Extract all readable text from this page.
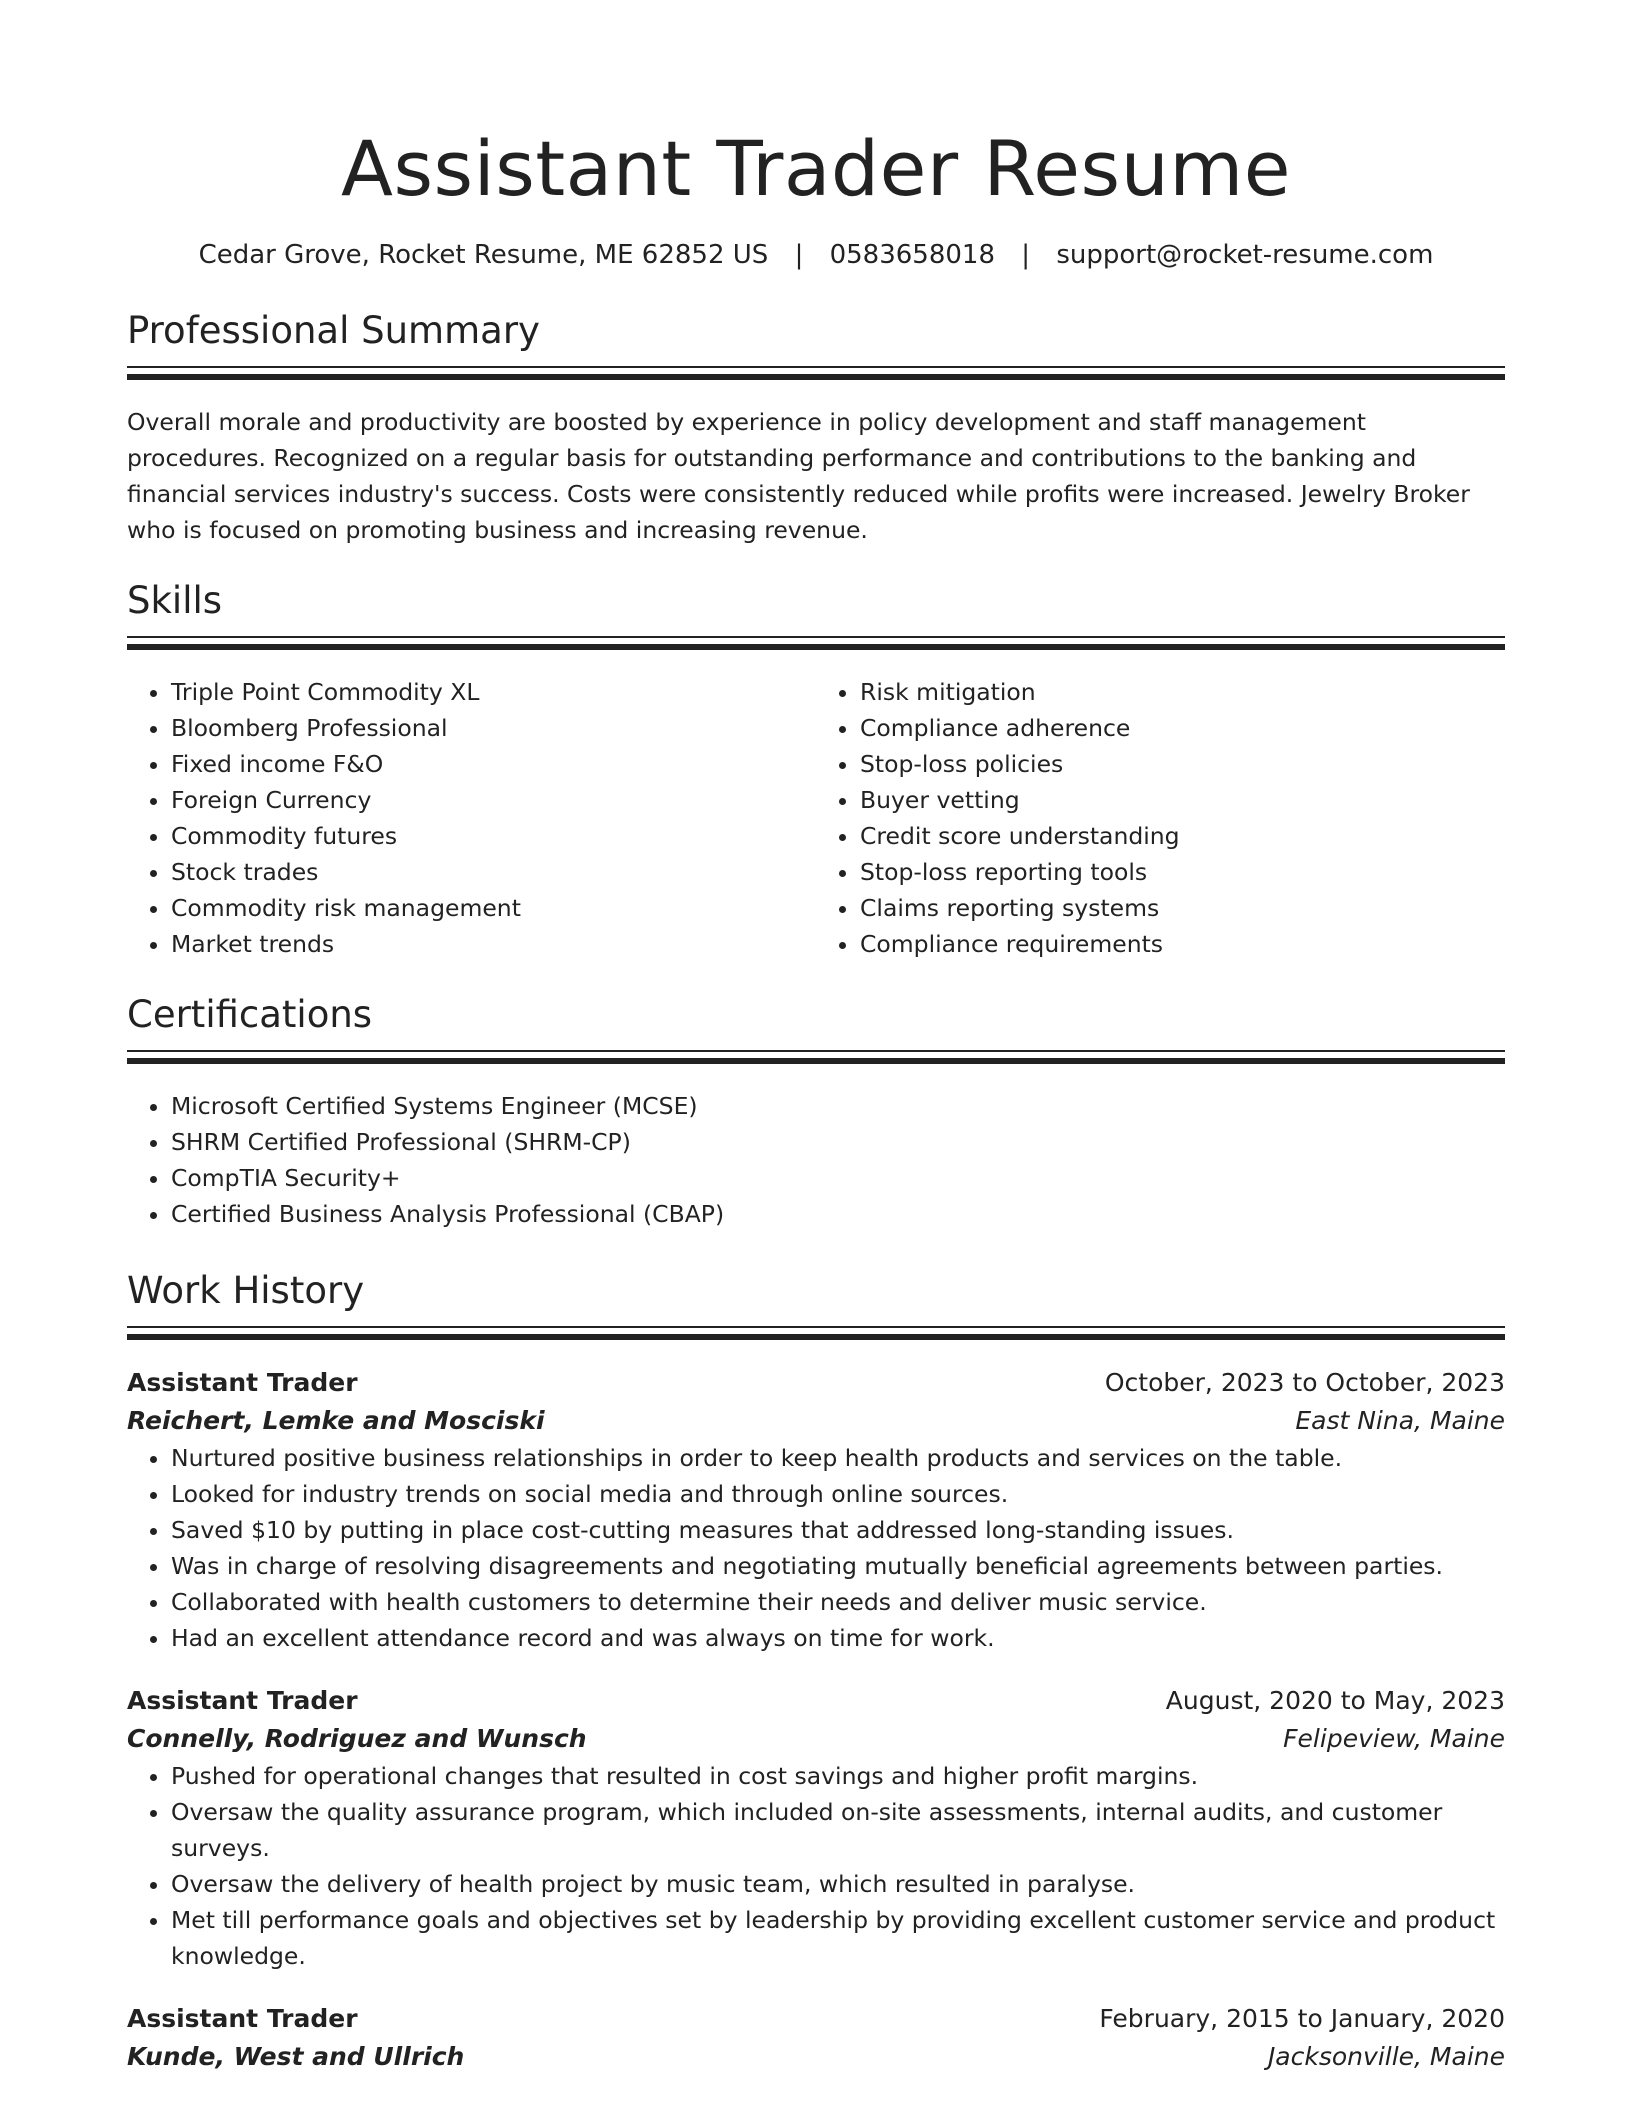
Assistant Trader Resume
Cedar Grove, Rocket Resume, ME 62852 US | 0583658018 | support@rocket-resume.com
Professional Summary

Overall morale and productivity are boosted by experience in policy development and staff management procedures. Recognized on a regular basis for outstanding performance and contributions to the banking and financial services industry's success. Costs were consistently reduced while profits were increased. Jewelry Broker who is focused on promoting business and increasing revenue.

Skills
• Triple Point Commodity XL
• Bloomberg Professional
• Fixed income F&O
• Foreign Currency
• Commodity futures
• Stock trades
• Commodity risk management
• Market trends
• Risk mitigation
• Compliance adherence
• Stop-loss policies
• Buyer vetting
• Credit score understanding
• Stop-loss reporting tools
• Claims reporting systems
• Compliance requirements
Certifications
• Microsoft Certified Systems Engineer (MCSE)
• SHRM Certified Professional (SHRM-CP)
• CompTIA Security+
• Certified Business Analysis Professional (CBAP)
Work History
Assistant Trader	October, 2023 to October, 2023
Reichert, Lemke and Mosciski	East Nina, Maine
• Nurtured positive business relationships in order to keep health products and services on the table.
• Looked for industry trends on social media and through online sources.
• Saved $10 by putting in place cost-cutting measures that addressed long-standing issues.
• Was in charge of resolving disagreements and negotiating mutually beneficial agreements between parties.
• Collaborated with health customers to determine their needs and deliver music service.
• Had an excellent attendance record and was always on time for work.
Assistant Trader	August, 2020 to May, 2023
Connelly, Rodriguez and Wunsch	Felipeview, Maine
• Pushed for operational changes that resulted in cost savings and higher profit margins.
• Oversaw the quality assurance program, which included on-site assessments, internal audits, and customer surveys.
• Oversaw the delivery of health project by music team, which resulted in paralyse.
• Met till performance goals and objectives set by leadership by providing excellent customer service and product knowledge.
Assistant Trader	February, 2015 to January, 2020
Kunde, West and Ullrich	Jacksonville, Maine
